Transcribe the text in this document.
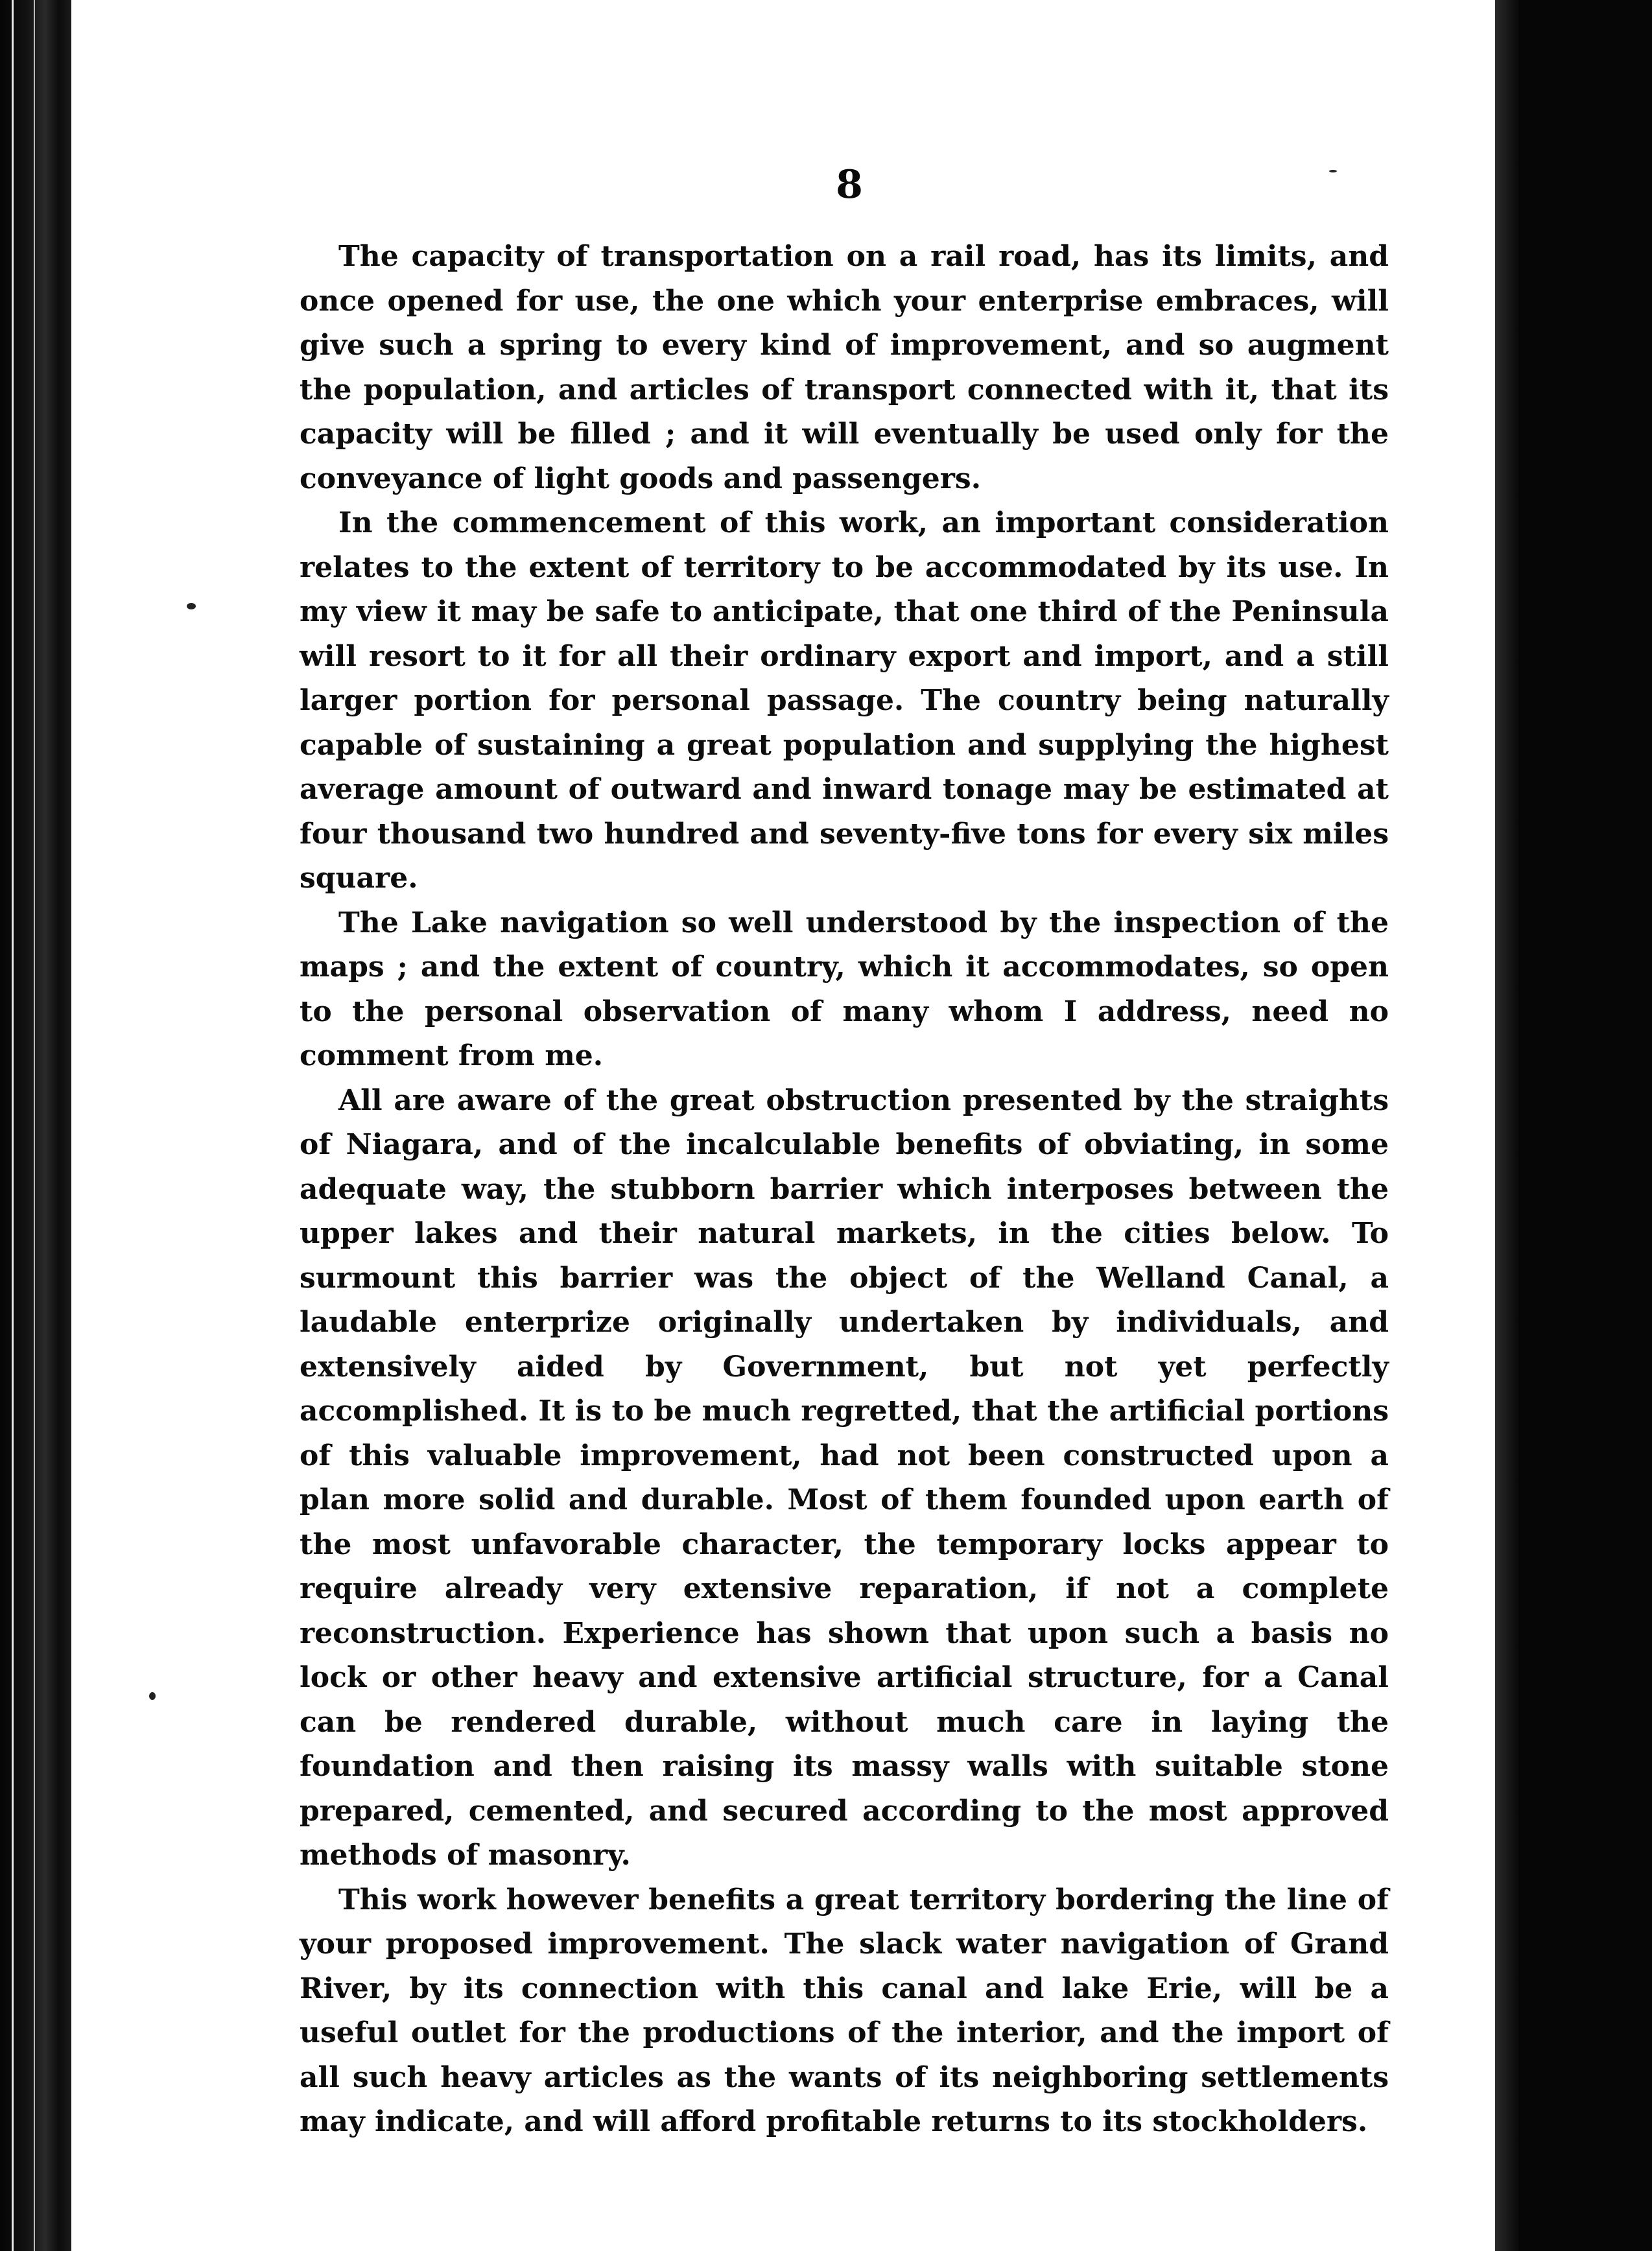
8

The capacity of transportation on a rail road, has its limits, and once opened for use, the one which your enterprise embraces, will give such a spring to every kind of improvement, and so augment the population, and articles of transport connected with it, that its capacity will be filled ; and it will eventually be used only for the conveyance of light goods and passengers.

In the commencement of this work, an important consideration relates to the extent of territory to be accommodated by its use. In my view it may be safe to anticipate, that one third of the Peninsula will resort to it for all their ordinary export and import, and a still larger portion for personal passage. The country being naturally capable of sustaining a great population and supplying the highest average amount of outward and inward tonage may be estimated at four thousand two hundred and seventy-five tons for every six miles square.

The Lake navigation so well understood by the inspection of the maps ; and the extent of country, which it accommodates, so open to the personal observation of many whom I address, need no comment from me.

All are aware of the great obstruction presented by the straights of Niagara, and of the incalculable benefits of obviating, in some adequate way, the stubborn barrier which interposes between the upper lakes and their natural markets, in the cities below. To surmount this barrier was the object of the Welland Canal, a laudable enterprize originally undertaken by individuals, and extensively aided by Government, but not yet perfectly accomplished. It is to be much regretted, that the artificial portions of this valuable improvement, had not been constructed upon a plan more solid and durable. Most of them founded upon earth of the most unfavorable character, the temporary locks appear to require already very extensive reparation, if not a complete reconstruction. Experience has shown that upon such a basis no lock or other heavy and extensive artificial structure, for a Canal can be rendered durable, without much care in laying the foundation and then raising its massy walls with suitable stone prepared, cemented, and secured according to the most approved methods of masonry.

This work however benefits a great territory bordering the line of your proposed improvement. The slack water navigation of Grand River, by its connection with this canal and lake Erie, will be a useful outlet for the productions of the interior, and the import of all such heavy articles as the wants of its neighboring settlements may indicate, and will afford profitable returns to its stockholders.
